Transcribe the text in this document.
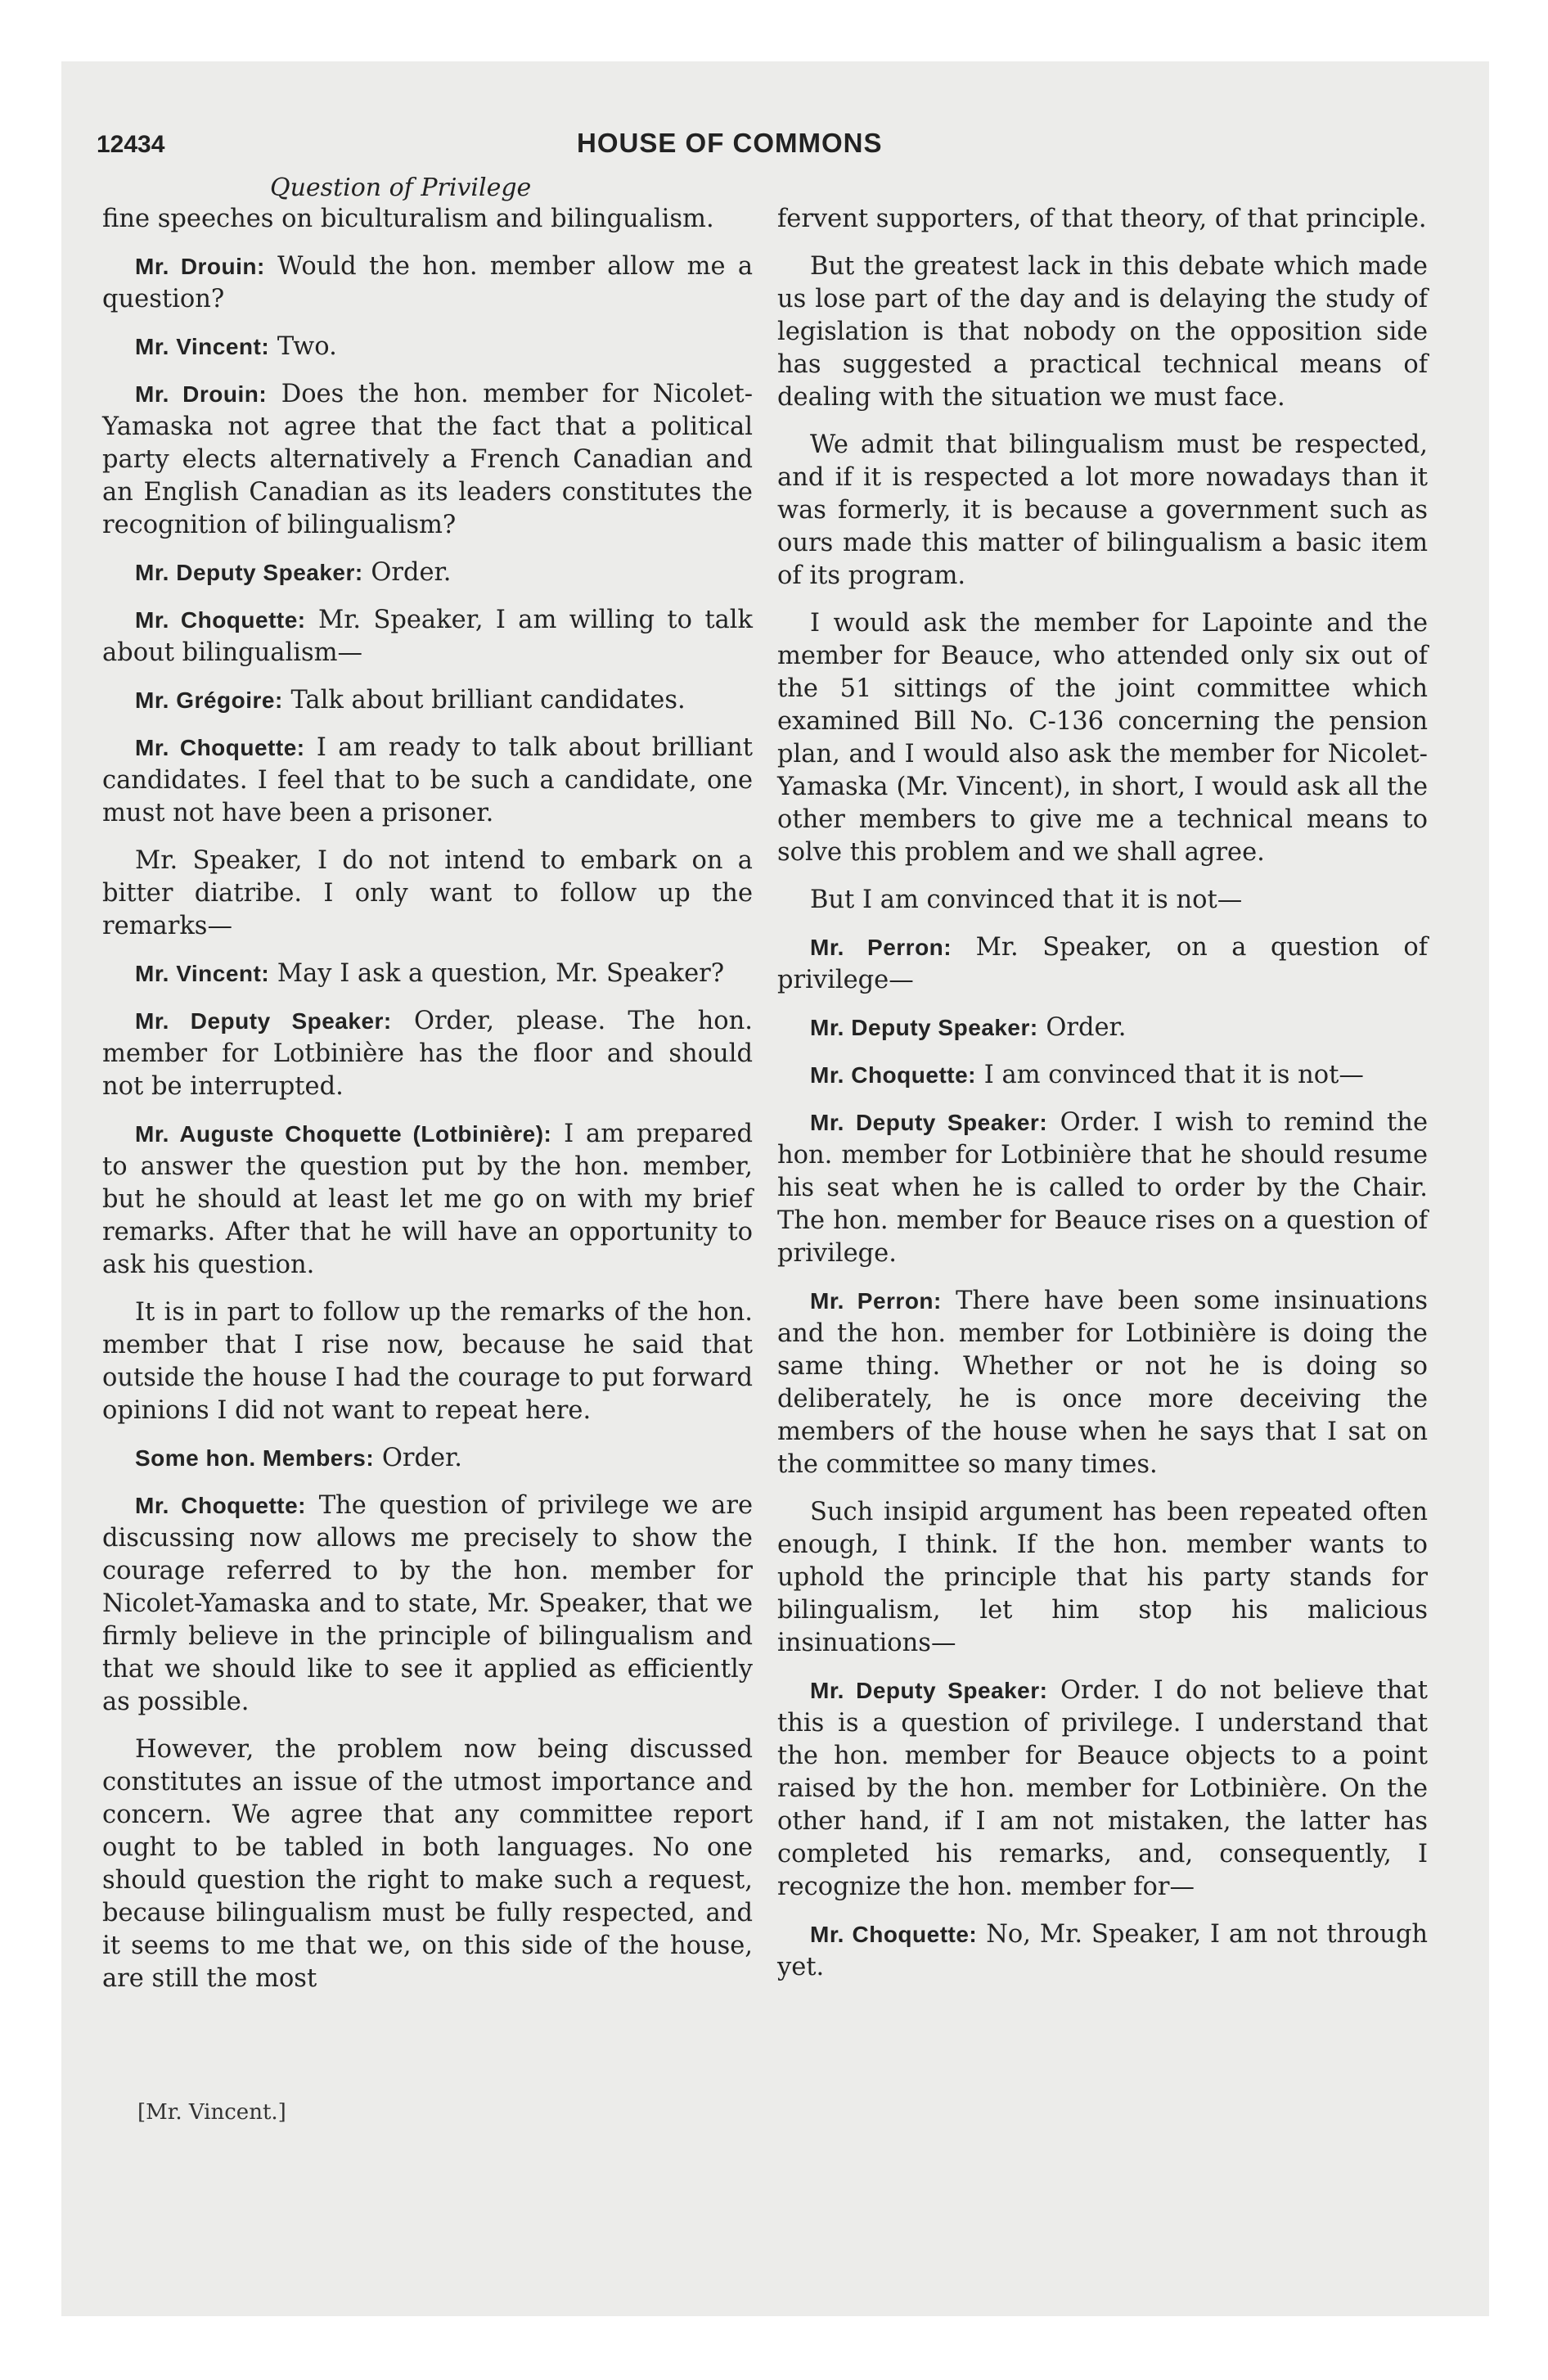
12434	HOUSE OF COMMONS
Question of Privilege

fine speeches on biculturalism and bilingualism.

Mr. Drouin: Would the hon. member allow me a question?

Mr. Vincent: Two.

Mr. Drouin: Does the hon. member for Nicolet-Yamaska not agree that the fact that a political party elects alternatively a French Canadian and an English Canadian as its leaders constitutes the recognition of bilingualism?

Mr. Deputy Speaker: Order.

Mr. Choquette: Mr. Speaker, I am willing to talk about bilingualism—

Mr. Grégoire: Talk about brilliant candidates.

Mr. Choquette: I am ready to talk about brilliant candidates. I feel that to be such a candidate, one must not have been a prisoner.

Mr. Speaker, I do not intend to embark on a bitter diatribe. I only want to follow up the remarks—

Mr. Vincent: May I ask a question, Mr. Speaker?

Mr. Deputy Speaker: Order, please. The hon. member for Lotbinière has the floor and should not be interrupted.

Mr. Auguste Choquette (Lotbinière): I am prepared to answer the question put by the hon. member, but he should at least let me go on with my brief remarks. After that he will have an opportunity to ask his question.

It is in part to follow up the remarks of the hon. member that I rise now, because he said that outside the house I had the courage to put forward opinions I did not want to repeat here.

Some hon. Members: Order.

Mr. Choquette: The question of privilege we are discussing now allows me precisely to show the courage referred to by the hon. member for Nicolet-Yamaska and to state, Mr. Speaker, that we firmly believe in the principle of bilingualism and that we should like to see it applied as efficiently as possible.

However, the problem now being discussed constitutes an issue of the utmost importance and concern. We agree that any committee report ought to be tabled in both languages. No one should question the right to make such a request, because bilingualism must be fully respected, and it seems to me that we, on this side of the house, are still the most

fervent supporters, of that theory, of that principle.

But the greatest lack in this debate which made us lose part of the day and is delaying the study of legislation is that nobody on the opposition side has suggested a practical technical means of dealing with the situation we must face.

We admit that bilingualism must be respected, and if it is respected a lot more nowadays than it was formerly, it is because a government such as ours made this matter of bilingualism a basic item of its program.

I would ask the member for Lapointe and the member for Beauce, who attended only six out of the 51 sittings of the joint committee which examined Bill No. C-136 concerning the pension plan, and I would also ask the member for Nicolet-Yamaska (Mr. Vincent), in short, I would ask all the other members to give me a technical means to solve this problem and we shall agree.

But I am convinced that it is not—

Mr. Perron: Mr. Speaker, on a question of privilege—

Mr. Deputy Speaker: Order.

Mr. Choquette: I am convinced that it is not—

Mr. Deputy Speaker: Order. I wish to remind the hon. member for Lotbinière that he should resume his seat when he is called to order by the Chair. The hon. member for Beauce rises on a question of privilege.

Mr. Perron: There have been some insinuations and the hon. member for Lotbinière is doing the same thing. Whether or not he is doing so deliberately, he is once more deceiving the members of the house when he says that I sat on the committee so many times.

Such insipid argument has been repeated often enough, I think. If the hon. member wants to uphold the principle that his party stands for bilingualism, let him stop his malicious insinuations—

Mr. Deputy Speaker: Order. I do not believe that this is a question of privilege. I understand that the hon. member for Beauce objects to a point raised by the hon. member for Lotbinière. On the other hand, if I am not mistaken, the latter has completed his remarks, and, consequently, I recognize the hon. member for—

Mr. Choquette: No, Mr. Speaker, I am not through yet.

[Mr. Vincent.]
